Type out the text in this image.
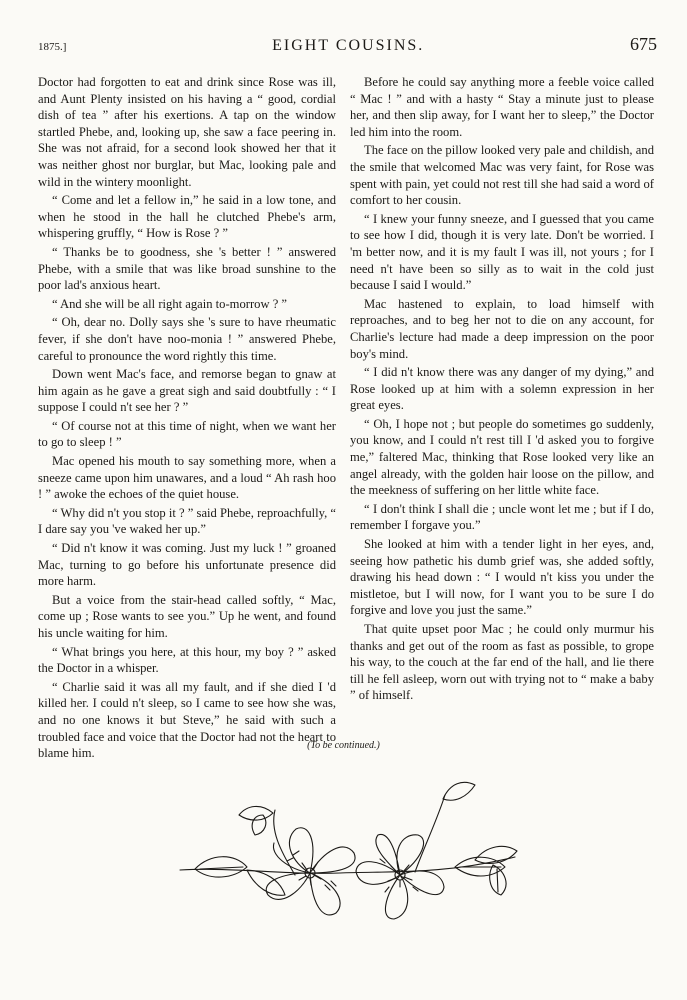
1875.]	EIGHT COUSINS.	675

Doctor had forgotten to eat and drink since Rose was ill, and Aunt Plenty insisted on his having a “ good, cordial dish of tea ” after his exertions. A tap on the window startled Phebe, and, looking up, she saw a face peering in. She was not afraid, for a second look showed her that it was neither ghost nor burglar, but Mac, looking pale and wild in the wintery moonlight.

“ Come and let a fellow in,” he said in a low tone, and when he stood in the hall he clutched Phebe's arm, whispering gruffly, “ How is Rose ? ”

“ Thanks be to goodness, she 's better ! ” answered Phebe, with a smile that was like broad sunshine to the poor lad's anxious heart.

“ And she will be all right again to-morrow ? ”

“ Oh, dear no. Dolly says she 's sure to have rheumatic fever, if she don't have noo-monia ! ” answered Phebe, careful to pronounce the word rightly this time.

Down went Mac's face, and remorse began to gnaw at him again as he gave a great sigh and said doubtfully : “ I suppose I could n't see her ? ”

“ Of course not at this time of night, when we want her to go to sleep ! ”

Mac opened his mouth to say something more, when a sneeze came upon him unawares, and a loud “ Ah rash hoo ! ” awoke the echoes of the quiet house.

“ Why did n't you stop it ? ” said Phebe, reproachfully, “ I dare say you 've waked her up.”

“ Did n't know it was coming. Just my luck ! ” groaned Mac, turning to go before his unfortunate presence did more harm.

But a voice from the stair-head called softly, “ Mac, come up ; Rose wants to see you.” Up he went, and found his uncle waiting for him.

“ What brings you here, at this hour, my boy ? ” asked the Doctor in a whisper.

“ Charlie said it was all my fault, and if she died I 'd killed her. I could n't sleep, so I came to see how she was, and no one knows it but Steve,” he said with such a troubled face and voice that the Doctor had not the heart to blame him.

Before he could say anything more a feeble voice called “ Mac ! ” and with a hasty “ Stay a minute just to please her, and then slip away, for I want her to sleep,” the Doctor led him into the room.

The face on the pillow looked very pale and childish, and the smile that welcomed Mac was very faint, for Rose was spent with pain, yet could not rest till she had said a word of comfort to her cousin.

“ I knew your funny sneeze, and I guessed that you came to see how I did, though it is very late. Don't be worried. I 'm better now, and it is my fault I was ill, not yours ; for I need n't have been so silly as to wait in the cold just because I said I would.”

Mac hastened to explain, to load himself with reproaches, and to beg her not to die on any account, for Charlie's lecture had made a deep impression on the poor boy's mind.

“ I did n't know there was any danger of my dying,” and Rose looked up at him with a solemn expression in her great eyes.

“ Oh, I hope not ; but people do sometimes go suddenly, you know, and I could n't rest till I 'd asked you to forgive me,” faltered Mac, thinking that Rose looked very like an angel already, with the golden hair loose on the pillow, and the meekness of suffering on her little white face.

“ I don't think I shall die ; uncle wont let me ; but if I do, remember I forgave you.”

She looked at him with a tender light in her eyes, and, seeing how pathetic his dumb grief was, she added softly, drawing his head down : “ I would n't kiss you under the mistletoe, but I will now, for I want you to be sure I do forgive and love you just the same.”

That quite upset poor Mac ; he could only murmur his thanks and get out of the room as fast as possible, to grope his way, to the couch at the far end of the hall, and lie there till he fell asleep, worn out with trying not to “ make a baby ” of himself.

(To be continued.)
